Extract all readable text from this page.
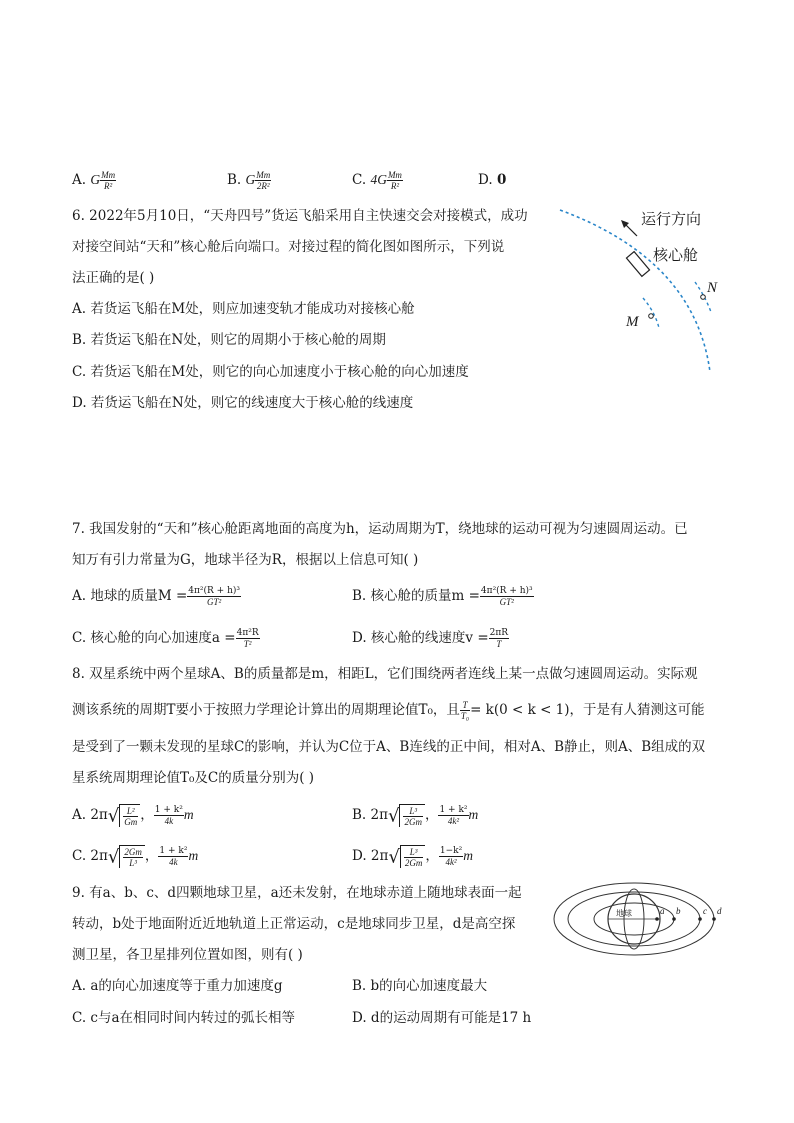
A. G $\frac{Mm}{\text{R²}}$	B. G $\frac{Mm}{\text{2R²}}$	C. $4G \frac{Mm}{\text{R²}}$	D. 0
6. 2022年5月10日，“天舟四号”货运飞船采用自主快速交会对接模式，成功
对接空间站“天和”核心舱后向端口。对接过程的简化图如图所示，下列说
法正确的是( )
A. 若货运飞船在M处，则应加速变轨才能成功对接核心舱
B. 若货运飞船在N处，则它的周期小于核心舱的周期
C. 若货运飞船在M处，则它的向心加速度小于核心舱的向心加速度
D. 若货运飞船在N处，则它的线速度大于核心舱的线速度
运行方向
核心舱
M
N
7. 我国发射的“天和”核心舱距离地面的高度为h，运动周期为T，绕地球的运动可视为匀速圆周运动。已
知万有引力常量为G，地球半径为R，根据以上信息可知( )
A. 地球的质量$M = \frac{\text{4π²(R + h)³}}{\text{GT²}}$	B. 核心舱的质量$m = \frac{\text{4π²(R + h)³}}{\text{GT²}}$
C. 核心舱的向心加速度$a = \frac{\text{4π²R}}{\text{T²}}$	D. 核心舱的线速度$v = \frac{2\pi R}{T}$
8. 双星系统中两个星球A、B的质量都是m，相距L，它们围绕两者连线上某一点做匀速圆周运动。实际观
测该系统的周期T要小于按照力学理论计算出的周期理论值T₀，且 $\frac{T}{\text{T₀}} = k(0 < k < 1)$，于是有人猜测这可能
是受到了一颗未发现的星球C的影响，并认为C位于A、B连线的正中间，相对A、B静止，则A、B组成的双
星系统周期理论值T₀及C的质量分别为( )
A. $2\pi√ \frac{\text{L²}}{Gm}$ ， $\frac{\text{1 + k²}}{4k}$ m	B. $2\pi√ \frac{\text{L³}}{2Gm}$ ， $\frac{\text{1 + k²}}{\text{4k²}}$ m
C. $2\pi√ \frac{2Gm}{\text{L³}}$ ， $\frac{\text{1 + k²}}{4k}$ m	D. $2\pi√ \frac{\text{L³}}{2Gm}$ ， $\frac{\text{1−k²}}{\text{4k²}}$ m
9. 有a、b、c、d四颗地球卫星，a还未发射，在地球赤道上随地球表面一起
转动，b处于地面附近近地轨道上正常运动，c是地球同步卫星，d是高空探
测卫星，各卫星排列位置如图，则有( )
A. a的向心加速度等于重力加速度g	B. b的向心加速度最大
C. c与a在相同时间内转过的弧长相等	D. d的运动周期有可能是17 h
地球	a b	c d
